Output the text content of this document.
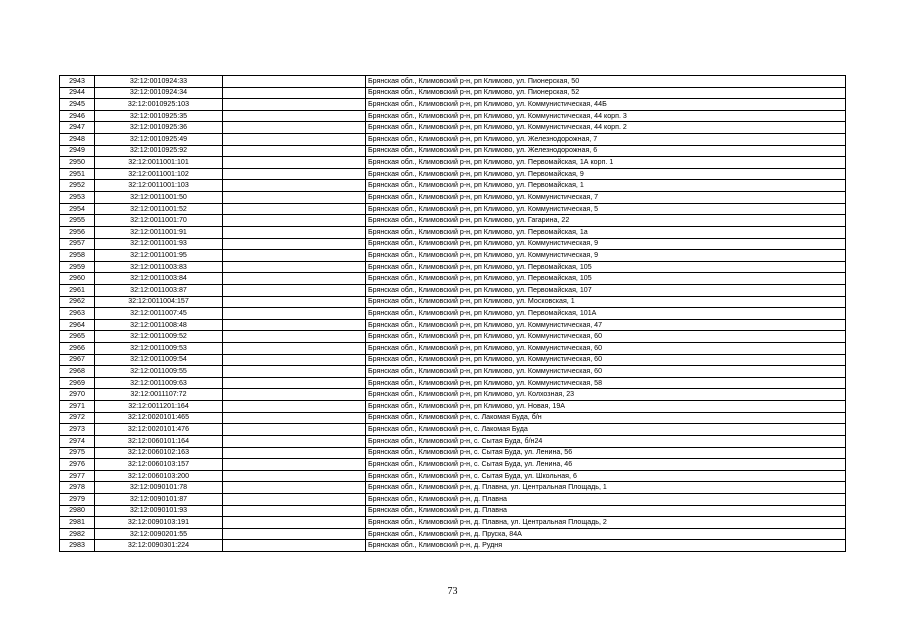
2943	32:12:0010924:33		Брянская обл., Климовский р-н, рп Климово, ул. Пионерская, 50
2944	32:12:0010924:34		Брянская обл., Климовский р-н, рп Климово, ул. Пионерская, 52
2945	32:12:0010925:103		Брянская обл., Климовский р-н, рп Климово, ул. Коммунистическая, 44Б
2946	32:12:0010925:35		Брянская обл., Климовский р-н, рп Климово, ул. Коммунистическая, 44 корп. 3
2947	32:12:0010925:36		Брянская обл., Климовский р-н, рп Климово, ул. Коммунистическая, 44 корп. 2
2948	32:12:0010925:49		Брянская обл., Климовский р-н, рп Климово, ул. Железнодорожная, 7
2949	32:12:0010925:92		Брянская обл., Климовский р-н, рп Климово, ул. Железнодорожная, 6
2950	32:12:0011001:101		Брянская обл., Климовский р-н, рп Климово, ул. Первомайская, 1А корп. 1
2951	32:12:0011001:102		Брянская обл., Климовский р-н, рп Климово, ул. Первомайская, 9
2952	32:12:0011001:103		Брянская обл., Климовский р-н, рп Климово, ул. Первомайская, 1
2953	32:12:0011001:50		Брянская обл., Климовский р-н, рп Климово, ул. Коммунистическая, 7
2954	32:12:0011001:52		Брянская обл., Климовский р-н, рп Климово, ул. Коммунистическая, 5
2955	32:12:0011001:70		Брянская обл., Климовский р-н, рп Климово, ул. Гагарина, 22
2956	32:12:0011001:91		Брянская обл., Климовский р-н, рп Климово, ул. Первомайская, 1а
2957	32:12:0011001:93		Брянская обл., Климовский р-н, рп Климово, ул. Коммунистическая, 9
2958	32:12:0011001:95		Брянская обл., Климовский р-н, рп Климово, ул. Коммунистическая, 9
2959	32:12:0011003:83		Брянская обл., Климовский р-н, рп Климово, ул. Первомайская, 105
2960	32:12:0011003:84		Брянская обл., Климовский р-н, рп Климово, ул. Первомайская, 105
2961	32:12:0011003:87		Брянская обл., Климовский р-н, рп Климово, ул. Первомайская, 107
2962	32:12:0011004:157		Брянская обл., Климовский р-н, рп Климово, ул. Московская, 1
2963	32:12:0011007:45		Брянская обл., Климовский р-н, рп Климово, ул. Первомайская, 101А
2964	32:12:0011008:48		Брянская обл., Климовский р-н, рп Климово, ул. Коммунистическая, 47
2965	32:12:0011009:52		Брянская обл., Климовский р-н, рп Климово, ул. Коммунистическая, 60
2966	32:12:0011009:53		Брянская обл., Климовский р-н, рп Климово, ул. Коммунистическая, 60
2967	32:12:0011009:54		Брянская обл., Климовский р-н, рп Климово, ул. Коммунистическая, 60
2968	32:12:0011009:55		Брянская обл., Климовский р-н, рп Климово, ул. Коммунистическая, 60
2969	32:12:0011009:63		Брянская обл., Климовский р-н, рп Климово, ул. Коммунистическая, 58
2970	32:12:0011107:72		Брянская обл., Климовский р-н, рп Климово, ул. Колхозная, 23
2971	32:12:0011201:164		Брянская обл., Климовский р-н, рп Климово, ул. Новая, 19А
2972	32:12:0020101:465		Брянская обл., Климовский р-н, с. Лакомая Буда, б/н
2973	32:12:0020101:476		Брянская обл., Климовский р-н, с. Лакомая Буда
2974	32:12:0060101:164		Брянская обл., Климовский р-н, с. Сытая Буда, б/н24
2975	32:12:0060102:163		Брянская обл., Климовский р-н, с. Сытая Буда, ул. Ленина, 56
2976	32:12:0060103:157		Брянская обл., Климовский р-н, с. Сытая Буда, ул. Ленина, 46
2977	32:12:0060103:200		Брянская обл., Климовский р-н, с. Сытая Буда, ул. Школьная, 6
2978	32:12:0090101:78		Брянская обл., Климовский р-н, д. Плавна, ул. Центральная Площадь, 1
2979	32:12:0090101:87		Брянская обл., Климовский р-н, д. Плавна
2980	32:12:0090101:93		Брянская обл., Климовский р-н, д. Плавна
2981	32:12:0090103:191		Брянская обл., Климовский р-н, д. Плавна, ул. Центральная Площадь, 2
2982	32:12:0090201:55		Брянская обл., Климовский р-н, д. Пруска, 84А
2983	32:12:0090301:224		Брянская обл., Климовский р-н, д. Рудня
73
